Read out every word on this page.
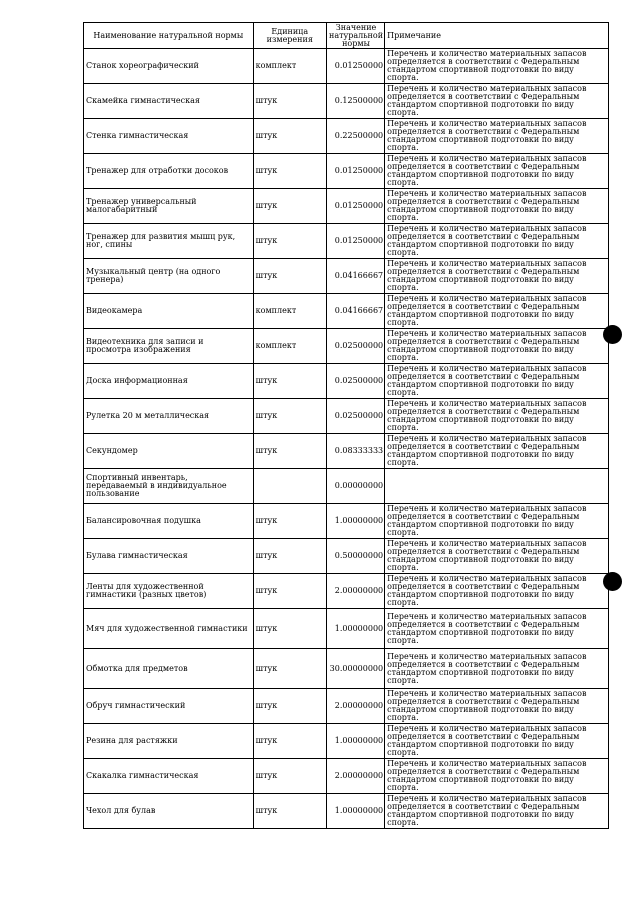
Наименование натуральной нормы	Единица измерения	Значение натуральной нормы	Примечание
Станок хореографический	комплект	0.01250000	Перечень и количество материальных запасов определяется в соответствии с Федеральным стандартом спортивной подготовки по виду спорта.
Скамейка гимнастическая	штук	0.12500000	Перечень и количество материальных запасов определяется в соответствии с Федеральным стандартом спортивной подготовки по виду спорта.
Стенка гимнастическая	штук	0.22500000	Перечень и количество материальных запасов определяется в соответствии с Федеральным стандартом спортивной подготовки по виду спорта.
Тренажер для отработки досоков	штук	0.01250000	Перечень и количество материальных запасов определяется в соответствии с Федеральным стандартом спортивной подготовки по виду спорта.
Тренажер универсальный малогабаритный	штук	0.01250000	Перечень и количество материальных запасов определяется в соответствии с Федеральным стандартом спортивной подготовки по виду спорта.
Тренажер для развития мышц рук, ног, спины	штук	0.01250000	Перечень и количество материальных запасов определяется в соответствии с Федеральным стандартом спортивной подготовки по виду спорта.
Музыкальный центр (на одного тренера)	штук	0.04166667	Перечень и количество материальных запасов определяется в соответствии с Федеральным стандартом спортивной подготовки по виду спорта.
Видеокамера	комплект	0.04166667	Перечень и количество материальных запасов определяется в соответствии с Федеральным стандартом спортивной подготовки по виду спорта.
Видеотехника для записи и просмотра изображения	комплект	0.02500000	Перечень и количество материальных запасов определяется в соответствии с Федеральным стандартом спортивной подготовки по виду спорта.
Доска информационная	штук	0.02500000	Перечень и количество материальных запасов определяется в соответствии с Федеральным стандартом спортивной подготовки по виду спорта.
Рулетка 20 м металлическая	штук	0.02500000	Перечень и количество материальных запасов определяется в соответствии с Федеральным стандартом спортивной подготовки по виду спорта.
Секундомер	штук	0.08333333	Перечень и количество материальных запасов определяется в соответствии с Федеральным стандартом спортивной подготовки по виду спорта.
Спортивный инвентарь, передаваемый в индивидуальное пользование		0.00000000	
Балансировочная подушка	штук	1.00000000	Перечень и количество материальных запасов определяется в соответствии с Федеральным стандартом спортивной подготовки по виду спорта.
Булава гимнастическая	штук	0.50000000	Перечень и количество материальных запасов определяется в соответствии с Федеральным стандартом спортивной подготовки по виду спорта.
Ленты для художественной гимнастики (разных цветов)	штук	2.00000000	Перечень и количество материальных запасов определяется в соответствии с Федеральным стандартом спортивной подготовки по виду спорта.
Мяч для художественной гимнастики	штук	1.00000000	Перечень и количество материальных запасов определяется в соответствии с Федеральным стандартом спортивной подготовки по виду спорта.
Обмотка для предметов	штук	30.00000000	Перечень и количество материальных запасов определяется в соответствии с Федеральным стандартом спортивной подготовки по виду спорта.
Обруч гимнастический	штук	2.00000000	Перечень и количество материальных запасов определяется в соответствии с Федеральным стандартом спортивной подготовки по виду спорта.
Резина для растяжки	штук	1.00000000	Перечень и количество материальных запасов определяется в соответствии с Федеральным стандартом спортивной подготовки по виду спорта.
Скакалка гимнастическая	штук	2.00000000	Перечень и количество материальных запасов определяется в соответствии с Федеральным стандартом спортивной подготовки по виду спорта.
Чехол для булав	штук	1.00000000	Перечень и количество материальных запасов определяется в соответствии с Федеральным стандартом спортивной подготовки по виду спорта.
